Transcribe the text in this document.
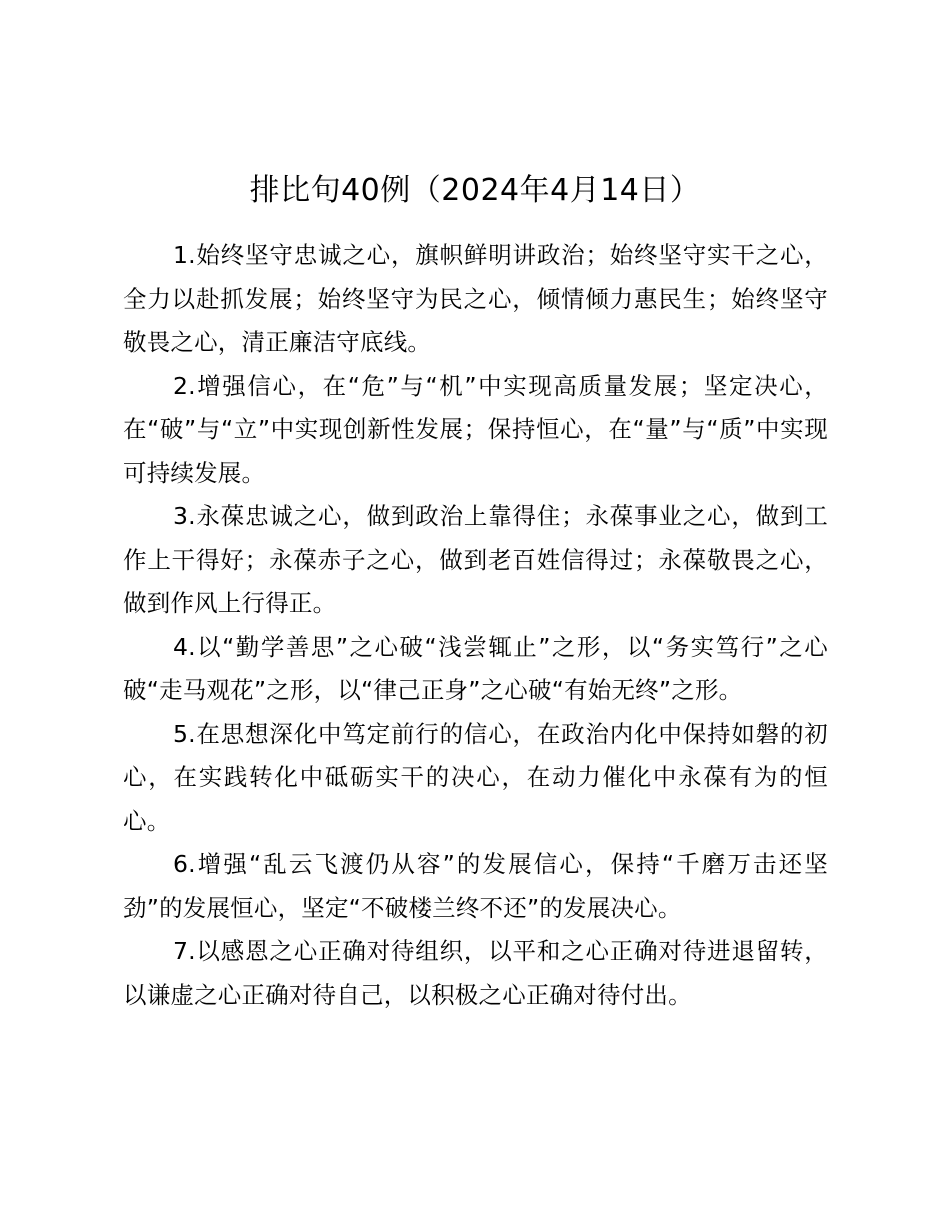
排比句40例（2024年4月14日）

1.始终坚守忠诚之心，旗帜鲜明讲政治；始终坚守实干之心，全力以赴抓发展；始终坚守为民之心，倾情倾力惠民生；始终坚守敬畏之心，清正廉洁守底线。

2.增强信心，在“危”与“机”中实现高质量发展；坚定决心，在“破”与“立”中实现创新性发展；保持恒心，在“量”与“质”中实现可持续发展。

3.永葆忠诚之心，做到政治上靠得住；永葆事业之心，做到工作上干得好；永葆赤子之心，做到老百姓信得过；永葆敬畏之心，做到作风上行得正。

4.以“勤学善思”之心破“浅尝辄止”之形，以“务实笃行”之心破“走马观花”之形，以“律己正身”之心破“有始无终”之形。

5.在思想深化中笃定前行的信心，在政治内化中保持如磐的初心，在实践转化中砥砺实干的决心，在动力催化中永葆有为的恒心。

6.增强“乱云飞渡仍从容”的发展信心，保持“千磨万击还坚劲”的发展恒心，坚定“不破楼兰终不还”的发展决心。

7.以感恩之心正确对待组织，以平和之心正确对待进退留转，以谦虚之心正确对待自己，以积极之心正确对待付出。
